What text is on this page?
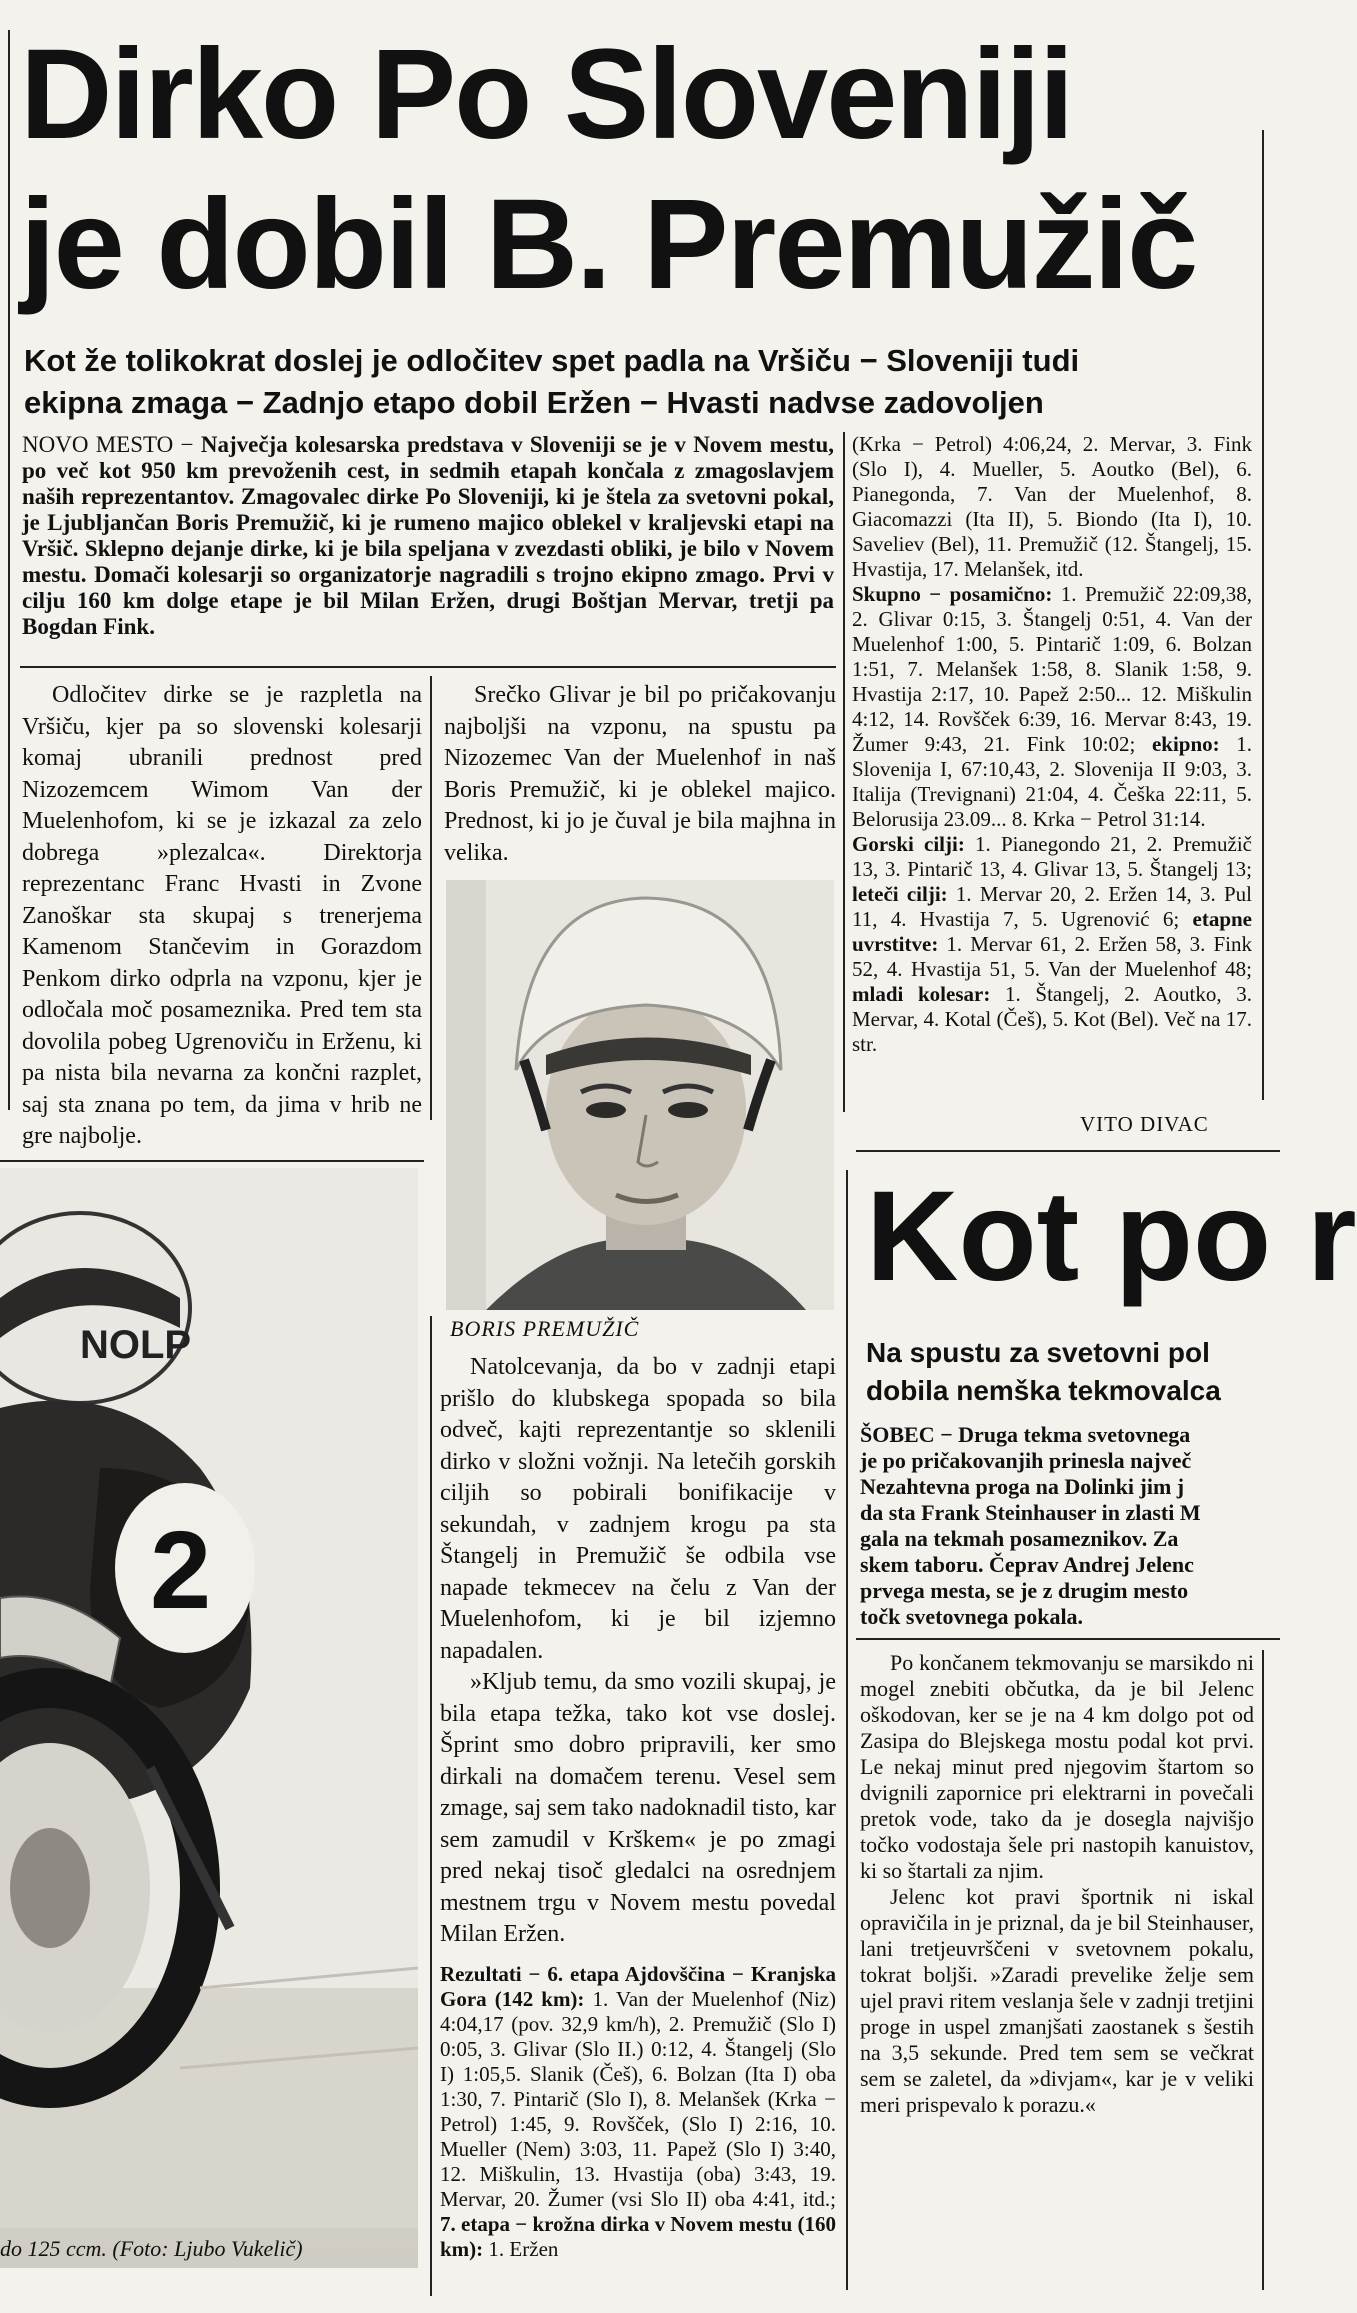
Dirko Po Sloveniji
je dobil B. Premužič
Kot že tolikokrat doslej je odločitev spet padla na Vršiču − Sloveniji tudi
ekipna zmaga − Zadnjo etapo dobil Eržen − Hvasti nadvse zadovoljen
NOVO MESTO − Največja kolesarska predstava v Sloveniji se je v Novem mestu, po več kot 950 km prevoženih cest, in sedmih etapah končala z zmagoslavjem naših reprezentantov. Zmagovalec dirke Po Sloveniji, ki je štela za svetovni pokal, je Ljubljančan Boris Premužič, ki je rumeno majico oblekel v kraljevski etapi na Vršič. Sklepno dejanje dirke, ki je bila speljana v zvezdasti obliki, je bilo v Novem mestu. Domači kolesarji so organizatorje nagradili s trojno ekipno zmago. Prvi v cilju 160 km dolge etape je bil Milan Eržen, drugi Boštjan Mervar, tretji pa Bogdan Fink.

Odločitev dirke se je razpletla na Vršiču, kjer pa so slovenski kolesarji komaj ubranili prednost pred Nizozemcem Wimom Van der Muelenhofom, ki se je izkazal za zelo dobrega »plezalca«. Direktorja reprezentanc Franc Hvasti in Zvone Zanoškar sta skupaj s trenerjema Kamenom Stančevim in Gorazdom Penkom dirko odprla na vzponu, kjer je odločala moč posameznika. Pred tem sta dovolila pobeg Ugrenoviču in Erženu, ki pa nista bila nevarna za končni razplet, saj sta znana po tem, da jima v hrib ne gre najbolje.

Srečko Glivar je bil po pričakovanju najboljši na vzponu, na spustu pa Nizozemec Van der Muelenhof in naš Boris Premužič, ki je oblekel majico. Prednost, ki jo je čuval je bila majhna in velika.

BORIS PREMUŽIČ

Natolcevanja, da bo v zadnji etapi prišlo do klubskega spopada so bila odveč, kajti reprezentantje so sklenili dirko v složni vožnji. Na letečih gorskih ciljih so pobirali bonifikacije v sekundah, v zadnjem krogu pa sta Štangelj in Premužič še odbila vse napade tekmecev na čelu z Van der Muelenhofom, ki je bil izjemno napadalen.

»Kljub temu, da smo vozili skupaj, je bila etapa težka, tako kot vse doslej. Šprint smo dobro pripravili, ker smo dirkali na domačem terenu. Vesel sem zmage, saj sem tako nadoknadil tisto, kar sem zamudil v Krškem« je po zmagi pred nekaj tisoč gledalci na osrednjem mestnem trgu v Novem mestu povedal Milan Eržen.

Rezultati − 6. etapa Ajdovščina − Kranjska Gora (142 km): 1. Van der Muelenhof (Niz) 4:04,17 (pov. 32,9 km/h), 2. Premužič (Slo I) 0:05, 3. Glivar (Slo II.) 0:12, 4. Štangelj (Slo I) 1:05,5. Slanik (Češ), 6. Bolzan (Ita I) oba 1:30, 7. Pintarič (Slo I), 8. Melanšek (Krka − Petrol) 1:45, 9. Rovšček, (Slo I) 2:16, 10. Mueller (Nem) 3:03, 11. Papež (Slo I) 3:40, 12. Miškulin, 13. Hvastija (oba) 3:43, 19. Mervar, 20. Žumer (vsi Slo II) oba 4:41, itd.; 7. etapa − krožna dirka v Novem mestu (160 km): 1. Eržen
(Krka − Petrol) 4:06,24, 2. Mervar, 3. Fink (Slo I), 4. Mueller, 5. Aoutko (Bel), 6. Pianegonda, 7. Van der Muelenhof, 8. Giacomazzi (Ita II), 5. Biondo (Ita I), 10. Saveliev (Bel), 11. Premužič (12. Štangelj, 15. Hvastija, 17. Melanšek, itd.
Skupno − posamično: 1. Premužič 22:09,38, 2. Glivar 0:15, 3. Štangelj 0:51, 4. Van der Muelenhof 1:00, 5. Pintarič 1:09, 6. Bolzan 1:51, 7. Melanšek 1:58, 8. Slanik 1:58, 9. Hvastija 2:17, 10. Papež 2:50... 12. Miškulin 4:12, 14. Rovšček 6:39, 16. Mervar 8:43, 19. Žumer 9:43, 21. Fink 10:02; ekipno: 1. Slovenija I, 67:10,43, 2. Slovenija II 9:03, 3. Italija (Trevignani) 21:04, 4. Češka 22:11, 5. Belorusija 23.09... 8. Krka − Petrol 31:14.
Gorski cilji: 1. Pianegondo 21, 2. Premužič 13, 3. Pintarič 13, 4. Glivar 13, 5. Štangelj 13; leteči cilji: 1. Mervar 20, 2. Eržen 14, 3. Pul 11, 4. Hvastija 7, 5. Ugrenović 6; etapne uvrstitve: 1. Mervar 61, 2. Eržen 58, 3. Fink 52, 4. Hvastija 51, 5. Van der Muelenhof 48; mladi kolesar: 1. Štangelj, 2. Aoutko, 3. Mervar, 4. Kotal (Češ), 5. Kot (Bel). Več na 17. str.
VITO DIVAC
NOLP
2
do 125 ccm. (Foto: Ljubo Vukelič)
Kot po r
Na spustu za svetovni pol
dobila nemška tekmovalca
ŠOBEC − Druga tekma svetovnega
je po pričakovanjih prinesla največ
Nezahtevna proga na Dolinki jim j
da sta Frank Steinhauser in zlasti M
gala na tekmah posameznikov. Za
skem taboru. Čeprav Andrej Jelenc
prvega mesta, se je z drugim mesto
točk svetovnega pokala.

Po končanem tekmovanju se marsikdo ni mogel znebiti občutka, da je bil Jelenc oškodovan, ker se je na 4 km dolgo pot od Zasipa do Blejskega mostu podal kot prvi. Le nekaj minut pred njegovim štartom so dvignili zapornice pri elektrarni in povečali pretok vode, tako da je dosegla najvišjo točko vodostaja šele pri nastopih kanuistov, ki so štartali za njim.

Jelenc kot pravi športnik ni iskal opravičila in je priznal, da je bil Steinhauser, lani tretjeuvrščeni v svetovnem pokalu, tokrat boljši. »Zaradi prevelike želje sem ujel pravi ritem veslanja šele v zadnji tretjini proge in uspel zmanjšati zaostanek s šestih na 3,5 sekunde. Pred tem sem se večkrat sem se zaletel, da »divjam«, kar je v veliki meri prispevalo k porazu.«
